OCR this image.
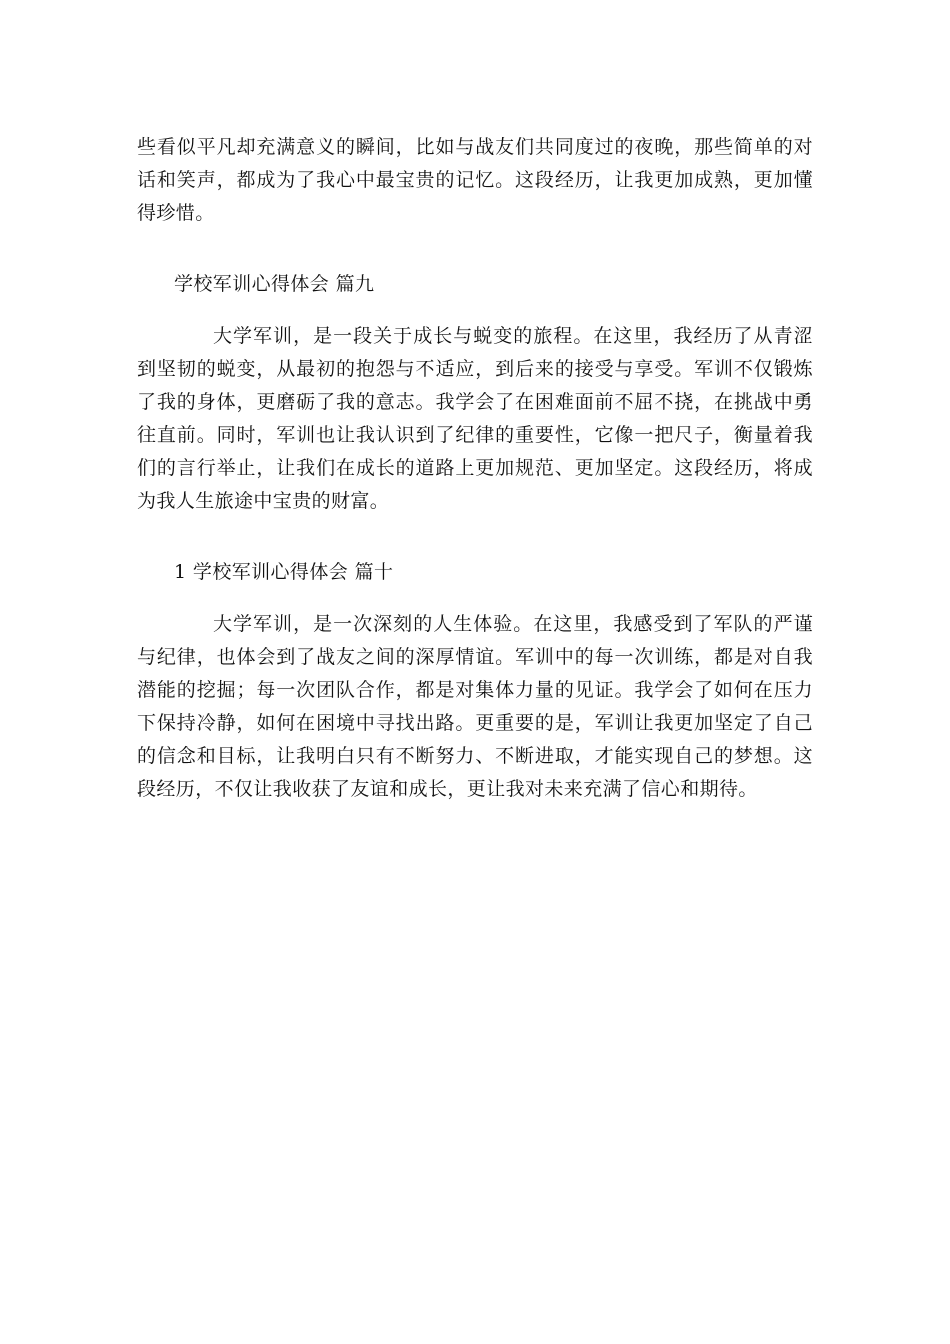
些看似平凡却充满意义的瞬间，比如与战友们共同度过的夜晚，那些简单的对话和笑声，都成为了我心中最宝贵的记忆。这段经历，让我更加成熟，更加懂得珍惜。

学校军训心得体会 篇九

大学军训，是一段关于成长与蜕变的旅程。在这里，我经历了从青涩到坚韧的蜕变，从最初的抱怨与不适应，到后来的接受与享受。军训不仅锻炼了我的身体，更磨砺了我的意志。我学会了在困难面前不屈不挠，在挑战中勇往直前。同时，军训也让我认识到了纪律的重要性，它像一把尺子，衡量着我们的言行举止，让我们在成长的道路上更加规范、更加坚定。这段经历，将成为我人生旅途中宝贵的财富。

1 学校军训心得体会 篇十

大学军训，是一次深刻的人生体验。在这里，我感受到了军队的严谨与纪律，也体会到了战友之间的深厚情谊。军训中的每一次训练，都是对自我潜能的挖掘；每一次团队合作，都是对集体力量的见证。我学会了如何在压力下保持冷静，如何在困境中寻找出路。更重要的是，军训让我更加坚定了自己的信念和目标，让我明白只有不断努力、不断进取，才能实现自己的梦想。这段经历，不仅让我收获了友谊和成长，更让我对未来充满了信心和期待。
